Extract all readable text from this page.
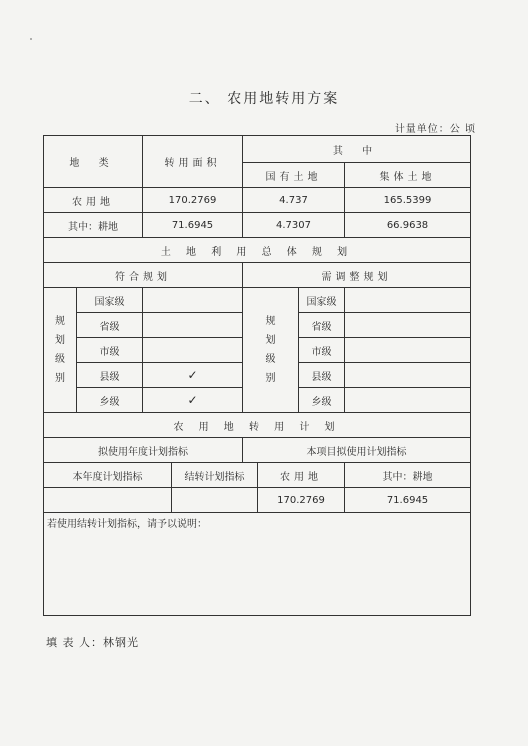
二、 农用地转用方案
计量单位：公 顷
地 类		转用面积		其 中			
				国有土地			集体土地
农用地		170.2769		4.737			165.5399
其中：耕地		71.6945		4.7307			66.9638
土 地 利 用 总 体 规 划							
符合规划				需调整规划			
规划级别	国家级			规划级别		国家级	
	省级					省级	
	市级					市级	
	县级	✓				县级	
	乡级	✓				乡级	
农 用 地 转 用 计 划							
拟使用年度计划指标				本项目拟使用计划指标			
本年度计划指标			结转计划指标		农用地		其中：耕地
					170.2769		71.6945
若使用结转计划指标，请予以说明：							
填 表 人：林钢光
